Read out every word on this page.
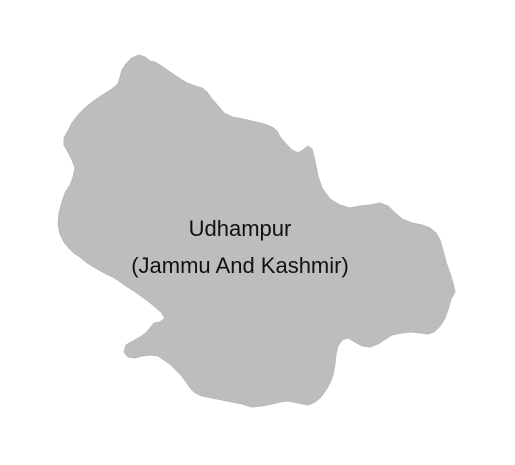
Udhampur
(Jammu And Kashmir)
